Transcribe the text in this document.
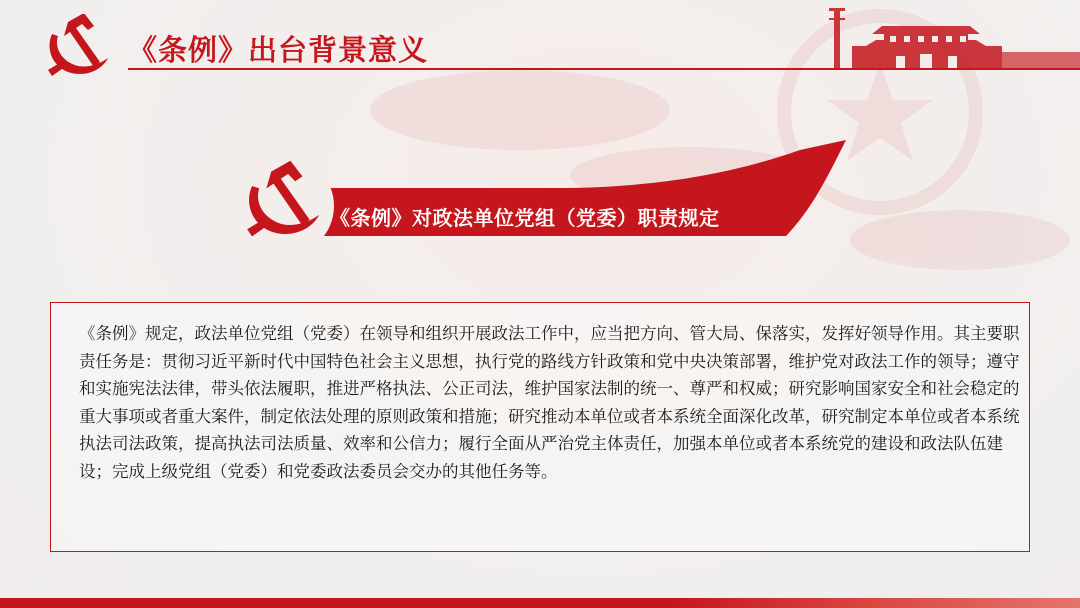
《条例》出台背景意义
《条例》对政法单位党组（党委）职责规定

《条例》规定，政法单位党组（党委）在领导和组织开展政法工作中，应当把方向、管大局、保落实，发挥好领导作用。其主要职责任务是：贯彻习近平新时代中国特色社会主义思想，执行党的路线方针政策和党中央决策部署，维护党对政法工作的领导；遵守和实施宪法法律，带头依法履职，推进严格执法、公正司法，维护国家法制的统一、尊严和权威；研究影响国家安全和社会稳定的重大事项或者重大案件，制定依法处理的原则政策和措施；研究推动本单位或者本系统全面深化改革，研究制定本单位或者本系统执法司法政策，提高执法司法质量、效率和公信力；履行全面从严治党主体责任，加强本单位或者本系统党的建设和政法队伍建设；完成上级党组（党委）和党委政法委员会交办的其他任务等。
